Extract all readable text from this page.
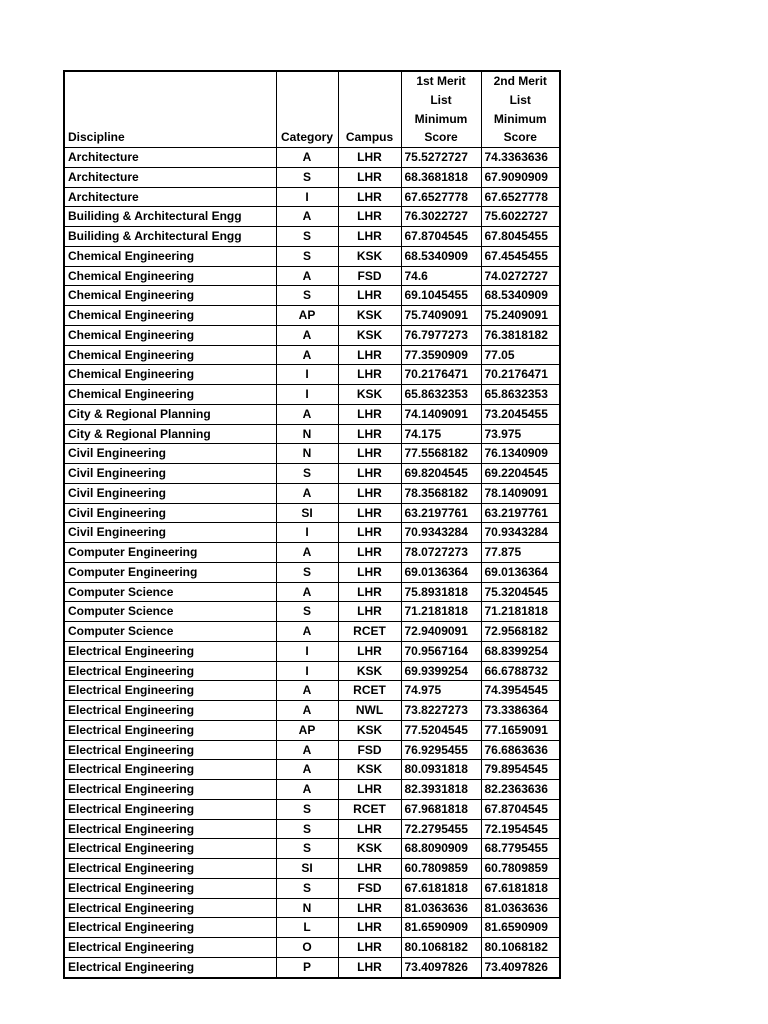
Discipline	Category	Campus	1st Merit List Minimum Score	2nd Merit List Minimum Score
Architecture	A	LHR	75.5272727	74.3363636
Architecture	S	LHR	68.3681818	67.9090909
Architecture	I	LHR	67.6527778	67.6527778
Builiding & Architectural Engg	A	LHR	76.3022727	75.6022727
Builiding & Architectural Engg	S	LHR	67.8704545	67.8045455
Chemical Engineering	S	KSK	68.5340909	67.4545455
Chemical Engineering	A	FSD	74.6	74.0272727
Chemical Engineering	S	LHR	69.1045455	68.5340909
Chemical Engineering	AP	KSK	75.7409091	75.2409091
Chemical Engineering	A	KSK	76.7977273	76.3818182
Chemical Engineering	A	LHR	77.3590909	77.05
Chemical Engineering	I	LHR	70.2176471	70.2176471
Chemical Engineering	I	KSK	65.8632353	65.8632353
City & Regional Planning	A	LHR	74.1409091	73.2045455
City & Regional Planning	N	LHR	74.175	73.975
Civil Engineering	N	LHR	77.5568182	76.1340909
Civil Engineering	S	LHR	69.8204545	69.2204545
Civil Engineering	A	LHR	78.3568182	78.1409091
Civil Engineering	SI	LHR	63.2197761	63.2197761
Civil Engineering	I	LHR	70.9343284	70.9343284
Computer Engineering	A	LHR	78.0727273	77.875
Computer Engineering	S	LHR	69.0136364	69.0136364
Computer Science	A	LHR	75.8931818	75.3204545
Computer Science	S	LHR	71.2181818	71.2181818
Computer Science	A	RCET	72.9409091	72.9568182
Electrical Engineering	I	LHR	70.9567164	68.8399254
Electrical Engineering	I	KSK	69.9399254	66.6788732
Electrical Engineering	A	RCET	74.975	74.3954545
Electrical Engineering	A	NWL	73.8227273	73.3386364
Electrical Engineering	AP	KSK	77.5204545	77.1659091
Electrical Engineering	A	FSD	76.9295455	76.6863636
Electrical Engineering	A	KSK	80.0931818	79.8954545
Electrical Engineering	A	LHR	82.3931818	82.2363636
Electrical Engineering	S	RCET	67.9681818	67.8704545
Electrical Engineering	S	LHR	72.2795455	72.1954545
Electrical Engineering	S	KSK	68.8090909	68.7795455
Electrical Engineering	SI	LHR	60.7809859	60.7809859
Electrical Engineering	S	FSD	67.6181818	67.6181818
Electrical Engineering	N	LHR	81.0363636	81.0363636
Electrical Engineering	L	LHR	81.6590909	81.6590909
Electrical Engineering	O	LHR	80.1068182	80.1068182
Electrical Engineering	P	LHR	73.4097826	73.4097826
